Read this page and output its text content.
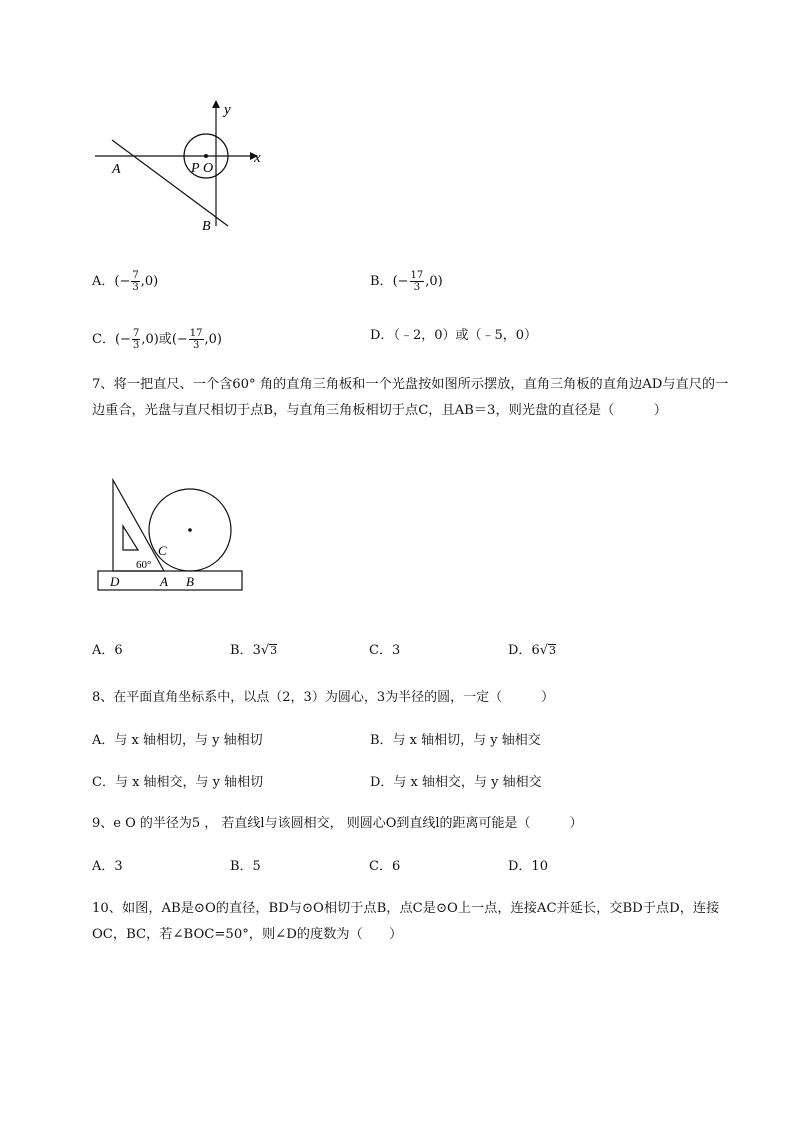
y
x
A	P O
B
A．(− $\frac{7}{3} ,0$)	B．(− $\frac{17}{3} ,0$)
C．(− $\frac{7}{3} ,0$)或(− $\frac{17}{3} ,0$)	D．（﹣2，0）或（﹣5，0）
7、将一把直尺、一个含60° 角的直角三角板和一个光盘按如图所示摆放，直角三角板的直角边AD与直尺的一边重合，光盘与直尺相切于点B，与直角三角板相切于点C，且AB＝3，则光盘的直径是（　　　）
C
60°
D	A B
A．6	B．3√3	C．3	D．6√3
8、在平面直角坐标系中，以点（2，3）为圆心，3为半径的圆，一定（　　　）
A．与 x 轴相切，与 y 轴相切	B．与 x 轴相切，与 y 轴相交
C．与 x 轴相交，与 y 轴相切	D．与 x 轴相交，与 y 轴相交
9、e O 的半径为5 ， 若直线l与该圆相交， 则圆心O到直线l的距离可能是（　　　）
A．3	B．5	C．6	D．10
10、如图，AB是⊙O的直径，BD与⊙O相切于点B，点C是⊙O上一点，连接AC并延长，交BD于点D，连接OC，BC，若∠BOC=50°，则∠D的度数为（　　）
